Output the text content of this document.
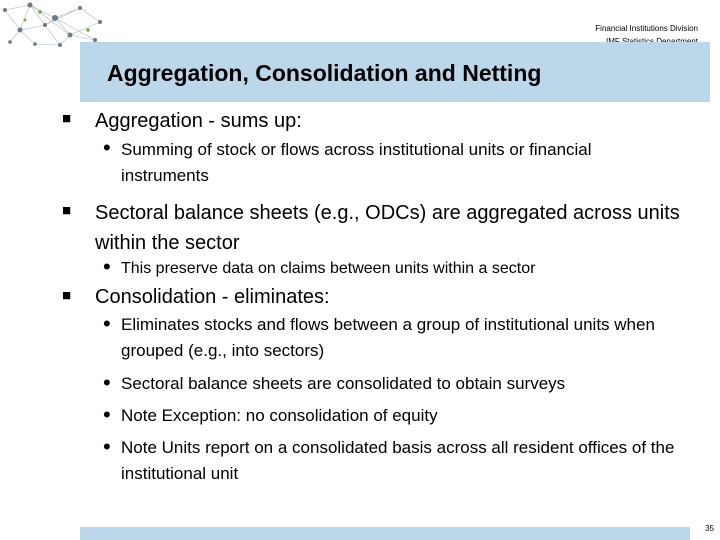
Financial Institutions Division
Aggregation, Consolidation and Netting
■ Aggregation - sums up:
• Summing of stock or flows across institutional units or financial instruments
■ Sectoral balance sheets (e.g., ODCs) are aggregated across units within the sector
• This preserve data on claims between units within a sector
■ Consolidation - eliminates:
• Eliminates stocks and flows between a group of institutional units when grouped (e.g., into sectors)
• Sectoral balance sheets are consolidated to obtain surveys
• Note Exception: no consolidation of equity
• Note Units report on a consolidated basis across all resident offices of the institutional unit
35
